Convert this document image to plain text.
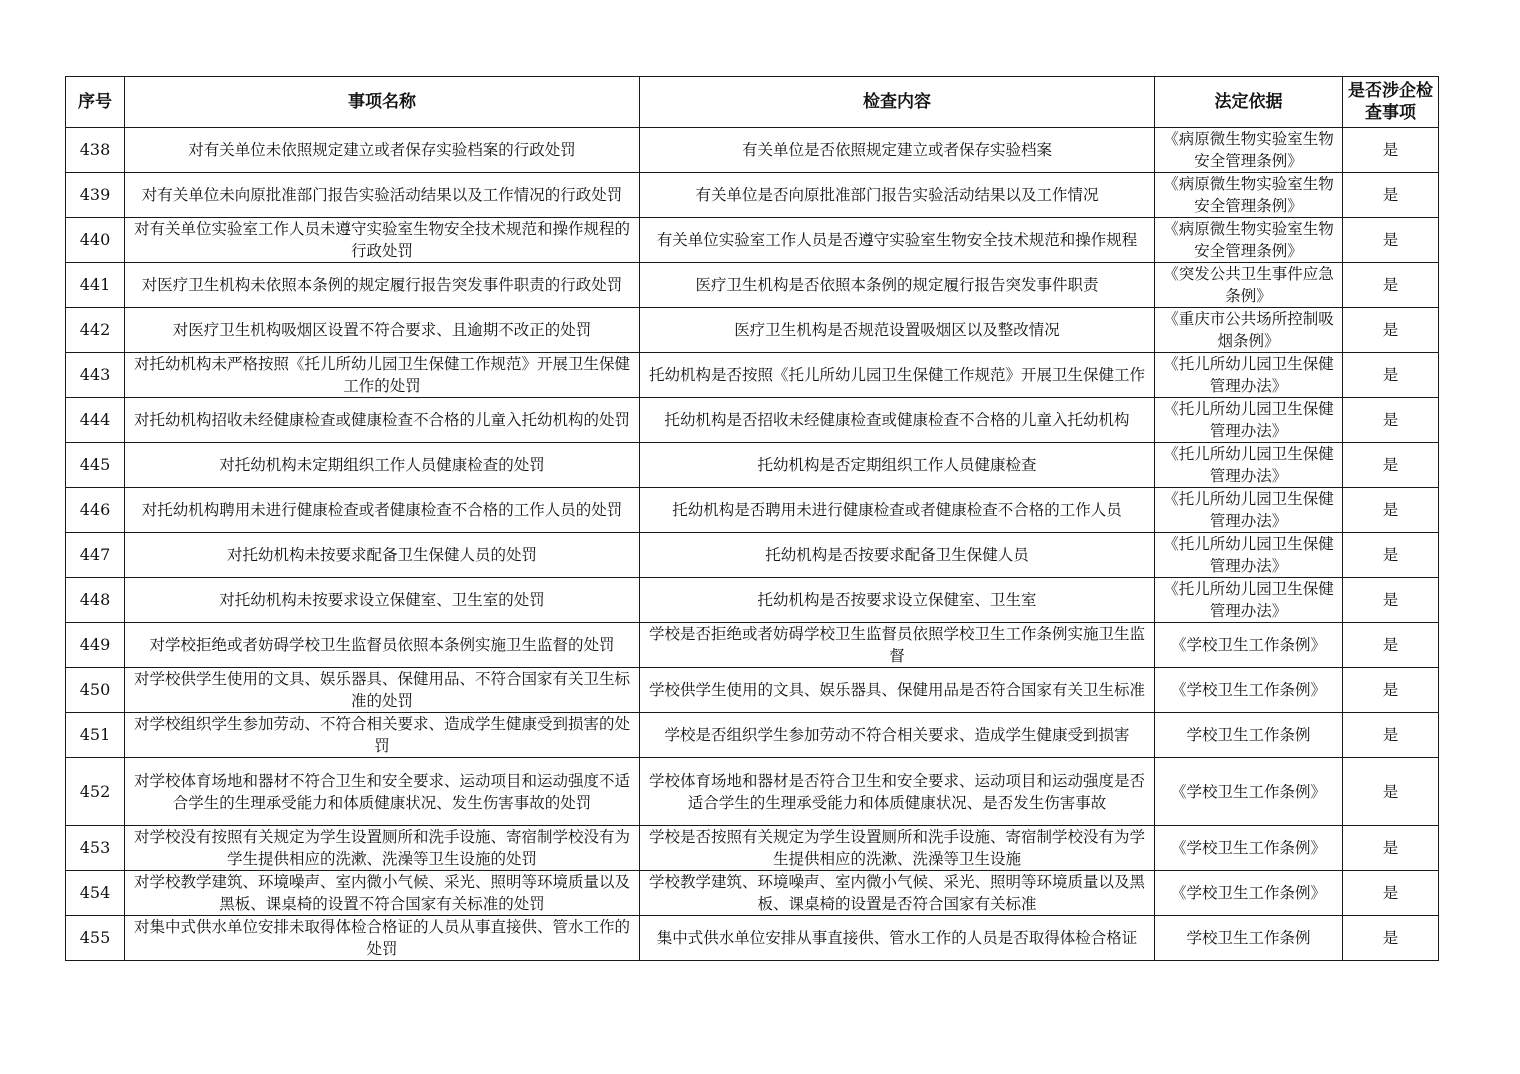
序号	事项名称	检查内容	法定依据	是否涉企检查事项
438	对有关单位未依照规定建立或者保存实验档案的行政处罚	有关单位是否依照规定建立或者保存实验档案	《病原微生物实验室生物安全管理条例》	是
439	对有关单位未向原批准部门报告实验活动结果以及工作情况的行政处罚	有关单位是否向原批准部门报告实验活动结果以及工作情况	《病原微生物实验室生物安全管理条例》	是
440	对有关单位实验室工作人员未遵守实验室生物安全技术规范和操作规程的行政处罚	有关单位实验室工作人员是否遵守实验室生物安全技术规范和操作规程	《病原微生物实验室生物安全管理条例》	是
441	对医疗卫生机构未依照本条例的规定履行报告突发事件职责的行政处罚	医疗卫生机构是否依照本条例的规定履行报告突发事件职责	《突发公共卫生事件应急条例》	是
442	对医疗卫生机构吸烟区设置不符合要求、且逾期不改正的处罚	医疗卫生机构是否规范设置吸烟区以及整改情况	《重庆市公共场所控制吸烟条例》	是
443	对托幼机构未严格按照《托儿所幼儿园卫生保健工作规范》开展卫生保健工作的处罚	托幼机构是否按照《托儿所幼儿园卫生保健工作规范》开展卫生保健工作	《托儿所幼儿园卫生保健管理办法》	是
444	对托幼机构招收未经健康检查或健康检查不合格的儿童入托幼机构的处罚	托幼机构是否招收未经健康检查或健康检查不合格的儿童入托幼机构	《托儿所幼儿园卫生保健管理办法》	是
445	对托幼机构未定期组织工作人员健康检查的处罚	托幼机构是否定期组织工作人员健康检查	《托儿所幼儿园卫生保健管理办法》	是
446	对托幼机构聘用未进行健康检查或者健康检查不合格的工作人员的处罚	托幼机构是否聘用未进行健康检查或者健康检查不合格的工作人员	《托儿所幼儿园卫生保健管理办法》	是
447	对托幼机构未按要求配备卫生保健人员的处罚	托幼机构是否按要求配备卫生保健人员	《托儿所幼儿园卫生保健管理办法》	是
448	对托幼机构未按要求设立保健室、卫生室的处罚	托幼机构是否按要求设立保健室、卫生室	《托儿所幼儿园卫生保健管理办法》	是
449	对学校拒绝或者妨碍学校卫生监督员依照本条例实施卫生监督的处罚	学校是否拒绝或者妨碍学校卫生监督员依照学校卫生工作条例实施卫生监督	《学校卫生工作条例》	是
450	对学校供学生使用的文具、娱乐器具、保健用品、不符合国家有关卫生标准的处罚	学校供学生使用的文具、娱乐器具、保健用品是否符合国家有关卫生标准	《学校卫生工作条例》	是
451	对学校组织学生参加劳动、不符合相关要求、造成学生健康受到损害的处罚	学校是否组织学生参加劳动不符合相关要求、造成学生健康受到损害	学校卫生工作条例	是
452	对学校体育场地和器材不符合卫生和安全要求、运动项目和运动强度不适合学生的生理承受能力和体质健康状况、发生伤害事故的处罚	学校体育场地和器材是否符合卫生和安全要求、运动项目和运动强度是否适合学生的生理承受能力和体质健康状况、是否发生伤害事故	《学校卫生工作条例》	是
453	对学校没有按照有关规定为学生设置厕所和洗手设施、寄宿制学校没有为学生提供相应的洗漱、洗澡等卫生设施的处罚	学校是否按照有关规定为学生设置厕所和洗手设施、寄宿制学校没有为学生提供相应的洗漱、洗澡等卫生设施	《学校卫生工作条例》	是
454	对学校教学建筑、环境噪声、室内微小气候、采光、照明等环境质量以及黑板、课桌椅的设置不符合国家有关标准的处罚	学校教学建筑、环境噪声、室内微小气候、采光、照明等环境质量以及黑板、课桌椅的设置是否符合国家有关标准	《学校卫生工作条例》	是
455	对集中式供水单位安排未取得体检合格证的人员从事直接供、管水工作的处罚	集中式供水单位安排从事直接供、管水工作的人员是否取得体检合格证	学校卫生工作条例	是
